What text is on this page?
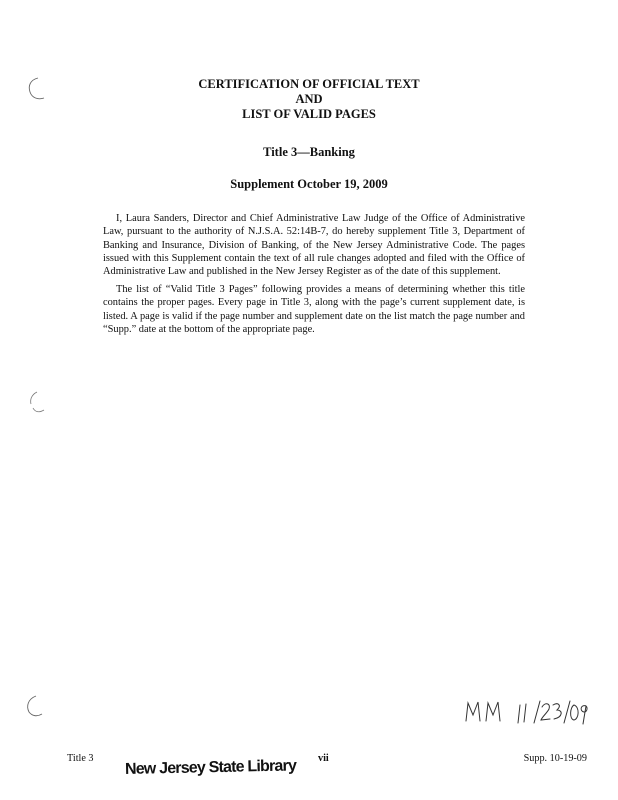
CERTIFICATION OF OFFICIAL TEXT
AND
LIST OF VALID PAGES
Title 3—Banking
Supplement October 19, 2009

I, Laura Sanders, Director and Chief Administrative Law Judge of the Office of Administrative Law, pursuant to the authority of N.J.S.A. 52:14B-7, do hereby supplement Title 3, Department of Banking and Insurance, Division of Banking, of the New Jersey Administrative Code. The pages issued with this Supplement contain the text of all rule changes adopted and filed with the Office of Administrative Law and published in the New Jersey Register as of the date of this supplement.

The list of “Valid Title 3 Pages” following provides a means of determining whether this title contains the proper pages. Every page in Title 3, along with the page’s current supplement date, is listed. A page is valid if the page number and supplement date on the list match the page number and “Supp.” date at the bottom of the appropriate page.

Title 3	vii	Supp. 10-19-09
New Jersey State Library
